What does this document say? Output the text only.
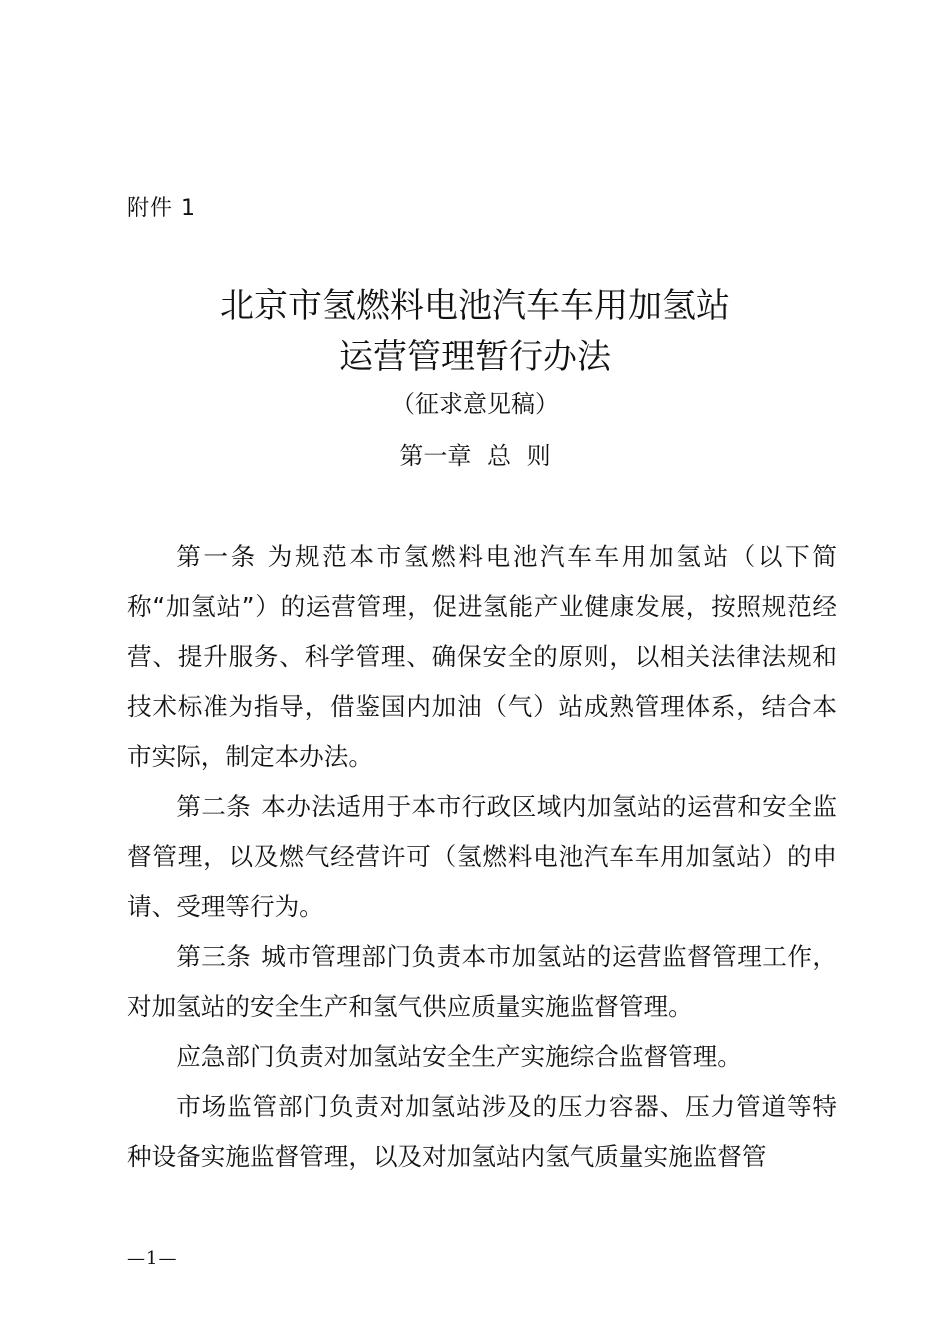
附件 1
北京市氢燃料电池汽车车用加氢站
运营管理暂行办法
（征求意见稿）
第一章 总 则

第一条 为规范本市氢燃料电池汽车车用加氢站（以下简称“加氢站”）的运营管理，促进氢能产业健康发展，按照规范经营、提升服务、科学管理、确保安全的原则，以相关法律法规和技术标准为指导，借鉴国内加油（气）站成熟管理体系，结合本市实际，制定本办法。

第二条 本办法适用于本市行政区域内加氢站的运营和安全监督管理，以及燃气经营许可（氢燃料电池汽车车用加氢站）的申请、受理等行为。

第三条 城市管理部门负责本市加氢站的运营监督管理工作，对加氢站的安全生产和氢气供应质量实施监督管理。

应急部门负责对加氢站安全生产实施综合监督管理。

市场监管部门负责对加氢站涉及的压力容器、压力管道等特种设备实施监督管理，以及对加氢站内氢气质量实施监督管

—1—
